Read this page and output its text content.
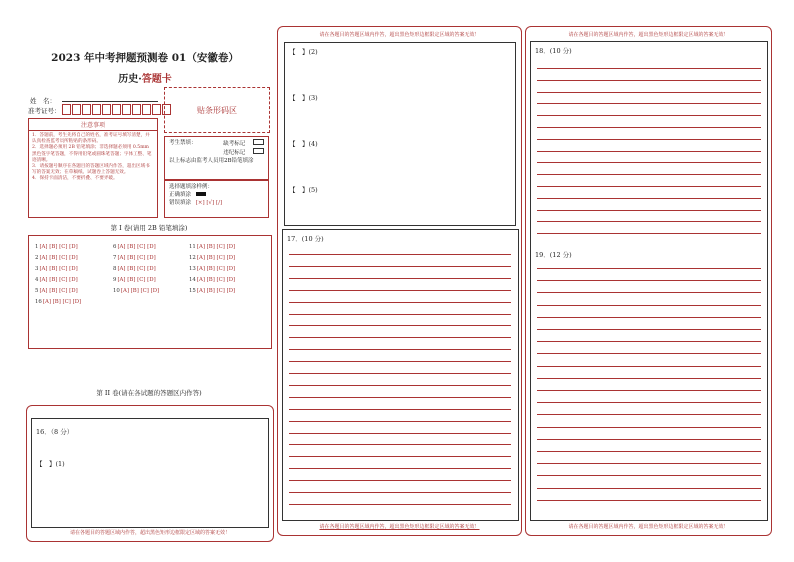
2023 年中考押题预测卷 01（安徽卷）
历史·答题卡
姓　名：
准考证号：
注意事项
1．答题前，考生先将自己的姓名，准考证号填写清楚，并认真检查监考员所粘贴的条形码。
2．选择题必须用 2B 铅笔填涂；非选择题必须用 0.5mm 黑色签字笔答题，不得用铅笔或圆珠笔答题；字体工整、笔迹清晰。
3．请按题号顺序在各题目的答题区域内作答，超出区域书写的答案无效；在草稿纸、试题卷上答题无效。
4．保持卡面清洁，不要折叠、不要弄破。
贴条形码区
考生禁填：	缺考标记
违纪标记
以上标志由监考人员用2B铅笔填涂
选择题填涂样例：
正确填涂
错误填涂 [×] [√] [/]
第 I 卷(请用 2B 铅笔填涂)
1[A] [B] [C] [D]
2[A] [B] [C] [D]
3[A] [B] [C] [D]
4[A] [B] [C] [D]
5[A] [B] [C] [D]
16[A] [B] [C] [D]
6[A] [B] [C] [D]
7[A] [B] [C] [D]
8[A] [B] [C] [D]
9[A] [B] [C] [D]
10[A] [B] [C] [D]
11[A] [B] [C] [D]
12[A] [B] [C] [D]
13[A] [B] [C] [D]
14[A] [B] [C] [D]
15[A] [B] [C] [D]
第 II 卷(请在各试题的答题区内作答)
16．（8 分）
【　】(1)
请在各题目的答题区域内作答，超出黑色矩形边框限定区域的答案无效！
请在各题目的答题区域内作答，超出黑色矩形边框限定区域的答案无效！
【　】(2)
【　】(3)
【　】(4)
【　】(5)
17．(10 分)
请在各题目的答题区域内作答，超出黑色矩形边框限定区域的答案无效！
请在各题目的答题区域内作答，超出黑色矩形边框限定区域的答案无效！
18．(10 分)
19．(12 分)
请在各题目的答题区域内作答，超出黑色矩形边框限定区域的答案无效！
